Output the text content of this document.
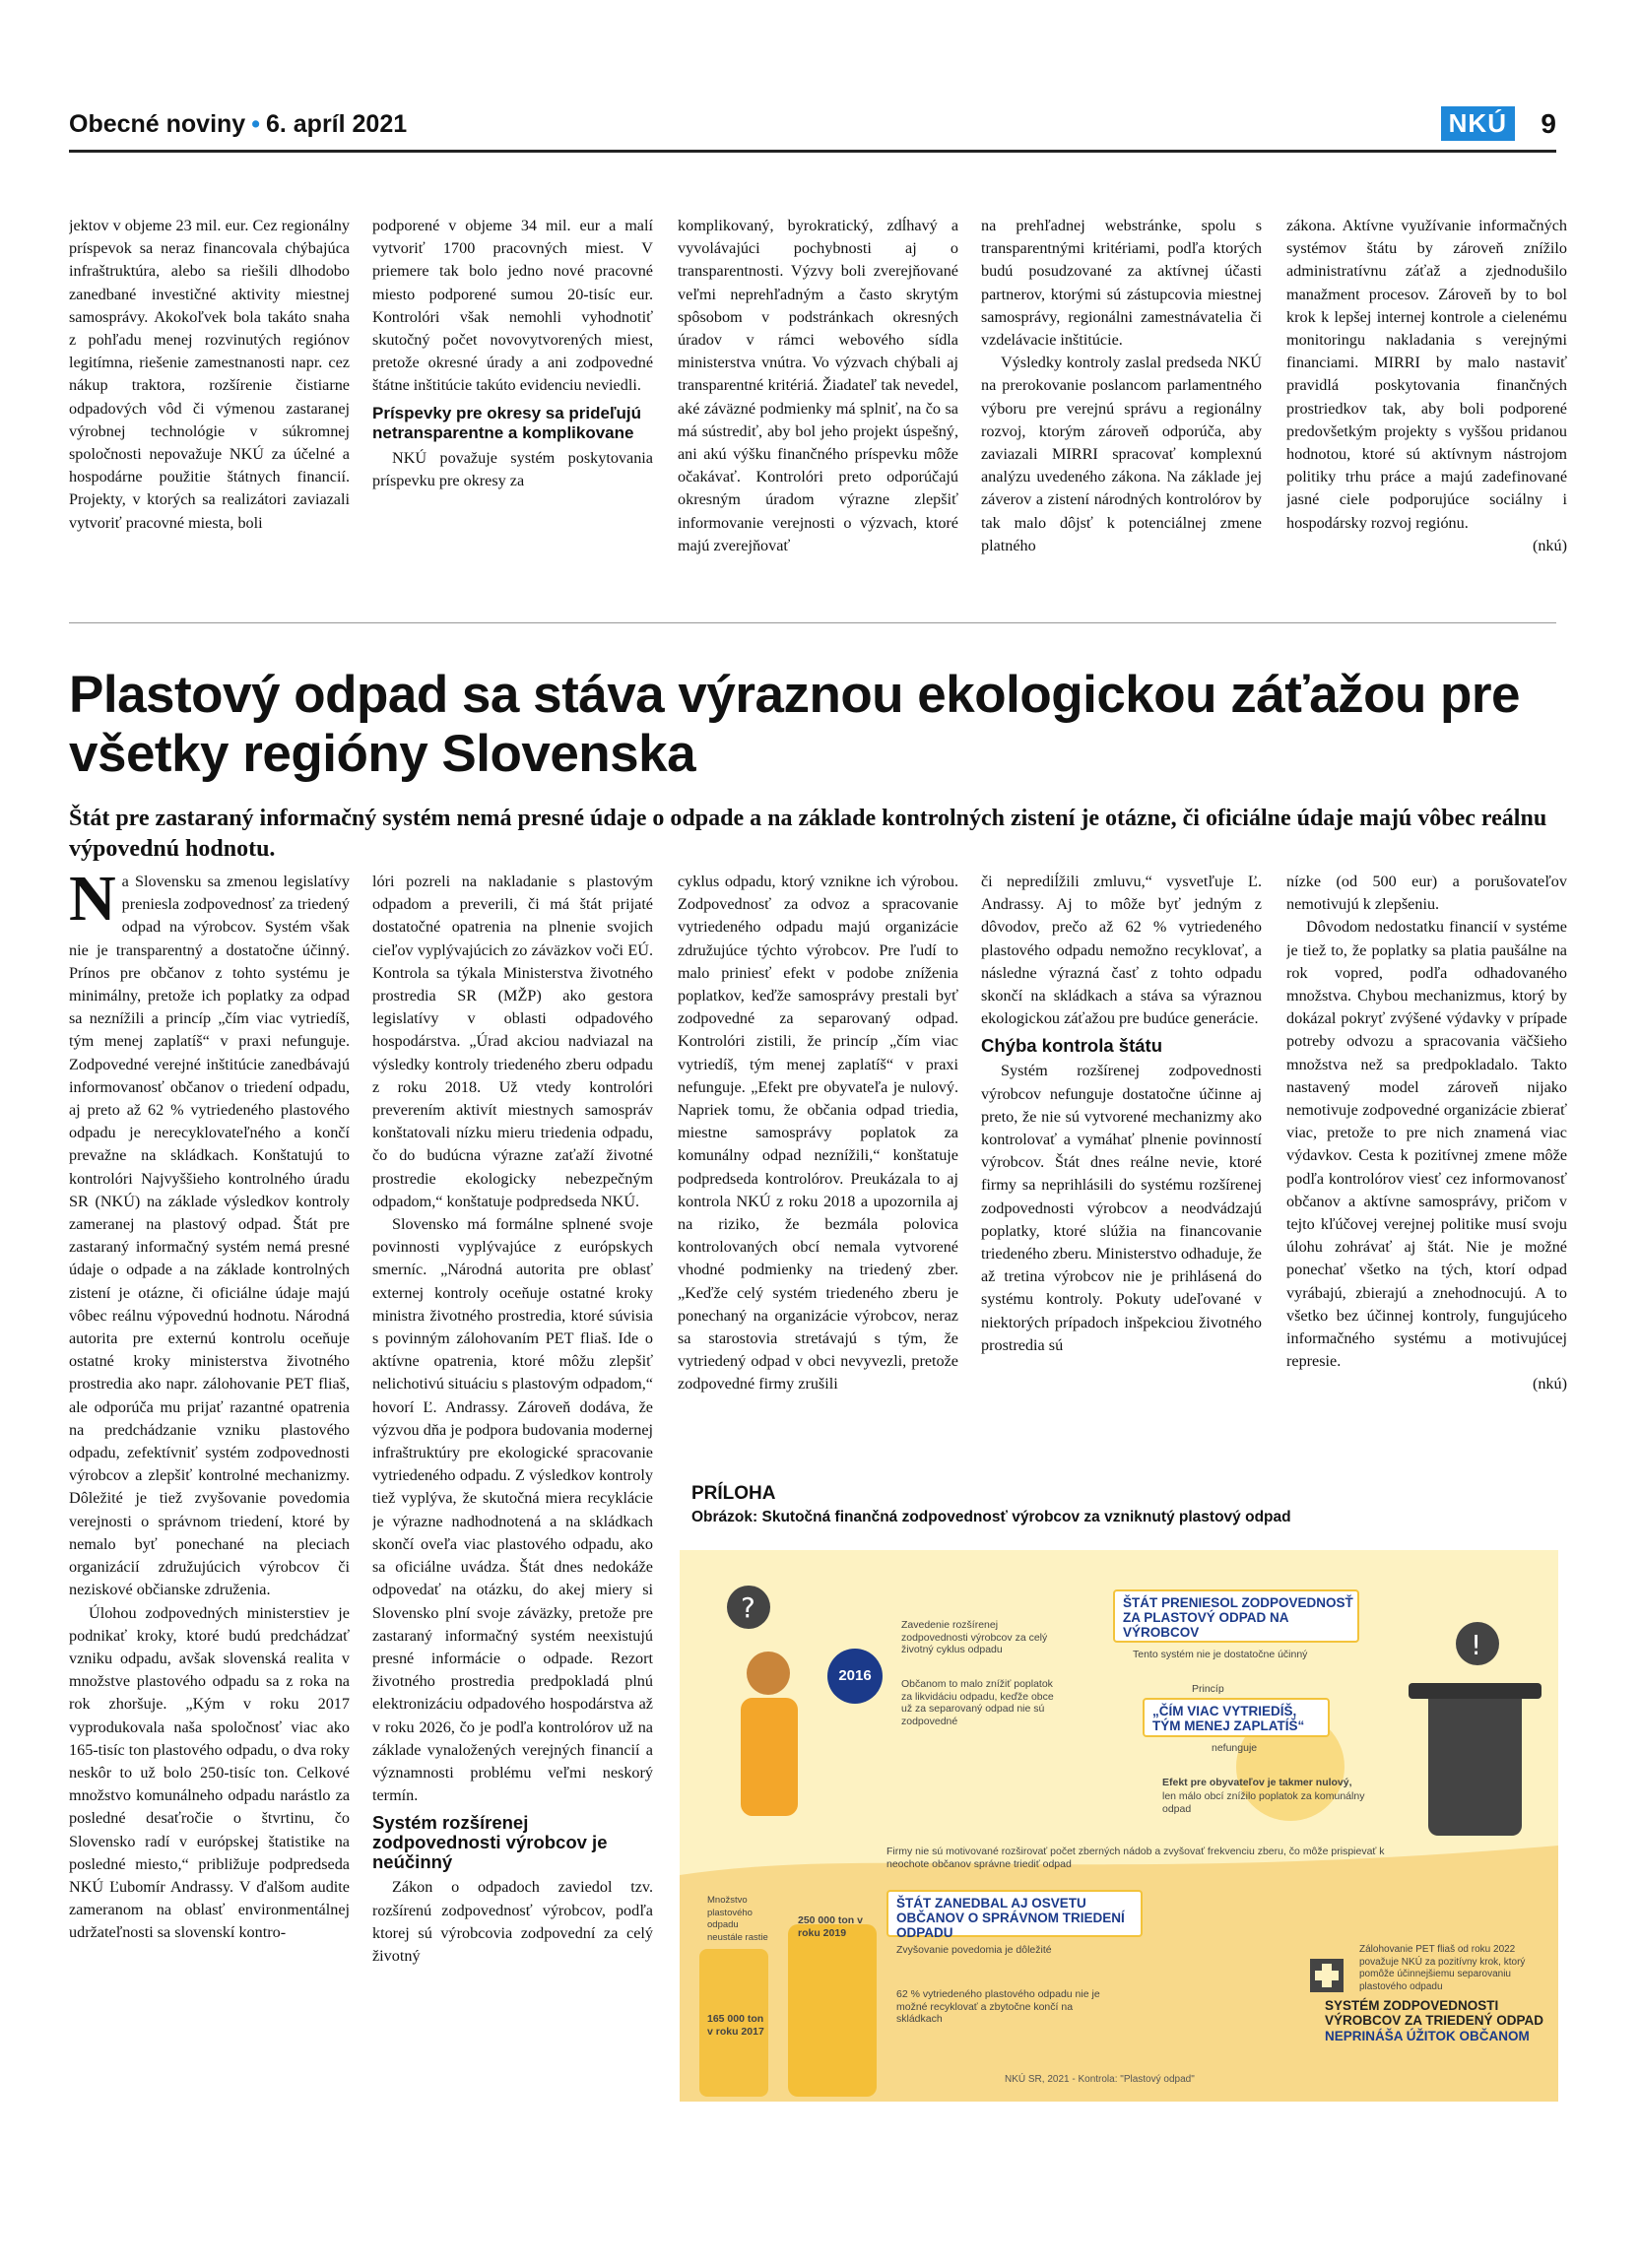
Obecné noviny • 6. apríl 2021	NKÚ 9

jektov v objeme 23 mil. eur. Cez regionálny príspevok sa neraz financovala chýbajúca infraštruktúra, alebo sa riešili dlhodobo zanedbané investičné aktivity miestnej samosprávy. Akokoľvek bola takáto snaha z pohľadu menej rozvinutých regiónov legitímna, riešenie zamestnanosti napr. cez nákup traktora, rozšírenie čistiarne odpadových vôd či výmenou zastaranej výrobnej technológie v súkromnej spoločnosti nepovažuje NKÚ za účelné a hospodárne použitie štátnych financií. Projekty, v ktorých sa realizátori zaviazali vytvoriť pracovné miesta, boli

podporené v objeme 34 mil. eur a malí vytvoriť 1700 pracovných miest. V priemere tak bolo jedno nové pracovné miesto podporené sumou 20-tisíc eur. Kontrolóri však nemohli vyhodnotiť skutočný počet novovytvorených miest, pretože okresné úrady a ani zodpovedné štátne inštitúcie takúto evidenciu neviedli.

Príspevky pre okresy sa prideľujú netransparentne a komplikovane

NKÚ považuje systém poskytovania príspevku pre okresy za

komplikovaný, byrokratický, zdĺhavý a vyvolávajúci pochybnosti aj o transparentnosti. Výzvy boli zverejňované veľmi neprehľadným a často skrytým spôsobom v podstránkach okresných úradov v rámci webového sídla ministerstva vnútra. Vo výzvach chýbali aj transparentné kritériá. Žiadateľ tak nevedel, aké záväzné podmienky má splniť, na čo sa má sústrediť, aby bol jeho projekt úspešný, ani akú výšku finančného príspevku môže očakávať. Kontrolóri preto odporúčajú okresným úradom výrazne zlepšiť informovanie verejnosti o výzvach, ktoré majú zverejňovať

na prehľadnej webstránke, spolu s transparentnými kritériami, podľa ktorých budú posudzované za aktívnej účasti partnerov, ktorými sú zástupcovia miestnej samosprávy, regionálni zamestnávatelia či vzdelávacie inštitúcie.

Výsledky kontroly zaslal predseda NKÚ na prerokovanie poslancom parlamentného výboru pre verejnú správu a regionálny rozvoj, ktorým zároveň odporúča, aby zaviazali MIRRI spracovať komplexnú analýzu uvedeného zákona. Na základe jej záverov a zistení národných kontrolórov by tak malo dôjsť k potenciálnej zmene platného

zákona. Aktívne využívanie informačných systémov štátu by zároveň znížilo administratívnu záťaž a zjednodušilo manažment procesov. Zároveň by to bol krok k lepšej internej kontrole a cielenému monitoringu nakladania s verejnými financiami. MIRRI by malo nastaviť pravidlá poskytovania finančných prostriedkov tak, aby boli podporené predovšetkým projekty s vyššou pridanou hodnotou, ktoré sú aktívnym nástrojom politiky trhu práce a majú zadefinované jasné ciele podporujúce sociálny i hospodársky rozvoj regiónu.

(nkú)

Plastový odpad sa stáva výraznou ekologickou záťažou pre všetky regióny Slovenska
Štát pre zastaraný informačný systém nemá presné údaje o odpade a na základe kontrolných zistení je otázne, či oficiálne údaje majú vôbec reálnu výpovednú hodnotu.

Na Slovensku sa zmenou legislatívy preniesla zodpovednosť za triedený odpad na výrobcov. Systém však nie je transparentný a dostatočne účinný. Prínos pre občanov z tohto systému je minimálny, pretože ich poplatky za odpad sa neznížili a princíp „čím viac vytriedíš, tým menej zaplatíš“ v praxi nefunguje. Zodpovedné verejné inštitúcie zanedbávajú informovanosť občanov o triedení odpadu, aj preto až 62 % vytriedeného plastového odpadu je nerecyklovateľného a končí prevažne na skládkach. Konštatujú to kontrolóri Najvyššieho kontrolného úradu SR (NKÚ) na základe výsledkov kontroly zameranej na plastový odpad. Štát pre zastaraný informačný systém nemá presné údaje o odpade a na základe kontrolných zistení je otázne, či oficiálne údaje majú vôbec reálnu výpovednú hodnotu. Národná autorita pre externú kontrolu oceňuje ostatné kroky ministerstva životného prostredia ako napr. zálohovanie PET fliaš, ale odporúča mu prijať razantné opatrenia na predchádzanie vzniku plastového odpadu, zefektívniť systém zodpovednosti výrobcov a zlepšiť kontrolné mechanizmy. Dôležité je tiež zvyšovanie povedomia verejnosti o správnom triedení, ktoré by nemalo byť ponechané na pleciach organizácií združujúcich výrobcov či neziskové občianske združenia.

Úlohou zodpovedných ministerstiev je podnikať kroky, ktoré budú predchádzať vzniku odpadu, avšak slovenská realita v množstve plastového odpadu sa z roka na rok zhoršuje. „Kým v roku 2017 vyprodukovala naša spoločnosť viac ako 165-tisíc ton plastového odpadu, o dva roky neskôr to už bolo 250-tisíc ton. Celkové množstvo komunálneho odpadu narástlo za posledné desaťročie o štvrtinu, čo Slovensko radí v európskej štatistike na posledné miesto,“ približuje podpredseda NKÚ Ľubomír Andrassy. V ďalšom audite zameranom na oblasť environmentálnej udržateľnosti sa slovenskí kontro-

lóri pozreli na nakladanie s plastovým odpadom a preverili, či má štát prijaté dostatočné opatrenia na plnenie svojich cieľov vyplývajúcich zo záväzkov voči EÚ. Kontrola sa týkala Ministerstva životného prostredia SR (MŽP) ako gestora legislatívy v oblasti odpadového hospodárstva. „Úrad akciou nadviazal na výsledky kontroly triedeného zberu odpadu z roku 2018. Už vtedy kontrolóri preverením aktivít miestnych samospráv konštatovali nízku mieru triedenia odpadu, čo do budúcna výrazne zaťaží životné prostredie ekologicky nebezpečným odpadom,“ konštatuje podpredseda NKÚ.

Slovensko má formálne splnené svoje povinnosti vyplývajúce z európskych smerníc. „Národná autorita pre oblasť externej kontroly oceňuje ostatné kroky ministra životného prostredia, ktoré súvisia s povinným zálohovaním PET fliaš. Ide o aktívne opatrenia, ktoré môžu zlepšiť nelichotivú situáciu s plastovým odpadom,“ hovorí Ľ. Andrassy. Zároveň dodáva, že výzvou dňa je podpora budovania modernej infraštruktúry pre ekologické spracovanie vytriedeného odpadu. Z výsledkov kontroly tiež vyplýva, že skutočná miera recyklácie je výrazne nadhodnotená a na skládkach skončí oveľa viac plastového odpadu, ako sa oficiálne uvádza. Štát dnes nedokáže odpovedať na otázku, do akej miery si Slovensko plní svoje záväzky, pretože pre zastaraný informačný systém neexistujú presné informácie o odpade. Rezort životného prostredia predpokladá plnú elektronizáciu odpadového hospodárstva až v roku 2026, čo je podľa kontrolórov už na základe vynaložených verejných financií a významnosti problému veľmi neskorý termín.

Systém rozšírenej zodpovednosti výrobcov je neúčinný

Zákon o odpadoch zaviedol tzv. rozšírenú zodpovednosť výrobcov, podľa ktorej sú výrobcovia zodpovední za celý životný

cyklus odpadu, ktorý vznikne ich výrobou. Zodpovednosť za odvoz a spracovanie vytriedeného odpadu majú organizácie združujúce týchto výrobcov. Pre ľudí to malo priniesť efekt v podobe zníženia poplatkov, keďže samosprávy prestali byť zodpovedné za separovaný odpad. Kontrolóri zistili, že princíp „čím viac vytriedíš, tým menej zaplatíš“ v praxi nefunguje. „Efekt pre obyvateľa je nulový. Napriek tomu, že občania odpad triedia, miestne samosprávy poplatok za komunálny odpad neznížili,“ konštatuje podpredseda kontrolórov. Preukázala to aj kontrola NKÚ z roku 2018 a upozornila aj na riziko, že bezmála polovica kontrolovaných obcí nemala vytvorené vhodné podmienky na triedený zber. „Keďže celý systém triedeného zberu je ponechaný na organizácie výrobcov, neraz sa starostovia stretávajú s tým, že vytriedený odpad v obci nevyvezli, pretože zodpovedné firmy zrušili

či neprediĺžili zmluvu,“ vysvetľuje Ľ. Andrassy. Aj to môže byť jedným z dôvodov, prečo až 62 % vytriedeného plastového odpadu nemožno recyklovať, a následne výrazná časť z tohto odpadu skončí na skládkach a stáva sa výraznou ekologickou záťažou pre budúce generácie.

Chýba kontrola štátu

Systém rozšírenej zodpovednosti výrobcov nefunguje dostatočne účinne aj preto, že nie sú vytvorené mechanizmy ako kontrolovať a vymáhať plnenie povinností výrobcov. Štát dnes reálne nevie, ktoré firmy sa neprihlásili do systému rozšírenej zodpovednosti výrobcov a neodvádzajú poplatky, ktoré slúžia na financovanie triedeného zberu. Ministerstvo odhaduje, že až tretina výrobcov nie je prihlásená do systému kontroly. Pokuty udeľované v niektorých prípadoch inšpekciou životného prostredia sú

nízke (od 500 eur) a porušovateľov nemotivujú k zlepšeniu.

Dôvodom nedostatku financií v systéme je tiež to, že poplatky sa platia paušálne na rok vopred, podľa odhadovaného množstva. Chybou mechanizmus, ktorý by dokázal pokryť zvýšené výdavky v prípade potreby odvozu a spracovania väčšieho množstva než sa predpokladalo. Takto nastavený model zároveň nijako nemotivuje zodpovedné organizácie zbierať viac, pretože to pre nich znamená viac výdavkov. Cesta k pozitívnej zmene môže podľa kontrolórov viesť cez informovanosť občanov a aktívne samosprávy, pričom v tejto kľúčovej verejnej politike musí svoju úlohu zohrávať aj štát. Nie je možné ponechať všetko na tých, ktorí odpad vyrábajú, zbierajú a znehodnocujú. A to všetko bez účinnej kontroly, fungujúceho informačného systému a motivujúcej represie.

(nkú)

PRÍLOHA
Obrázok: Skutočná finančná zodpovednosť výrobcov za vzniknutý plastový odpad
?
!
2016
Zavedenie rozšírenej zodpovednosti výrobcov za celý životný cyklus odpadu
Občanom to malo znížiť poplatok za likvidáciu odpadu, keďže obce už za separovaný odpad nie sú zodpovedné
ŠTÁT PRENIESOL ZODPOVEDNOSŤ ZA PLASTOVÝ ODPAD NA VÝROBCOV
Tento systém nie je dostatočne účinný
Princíp
„ČÍM VIAC VYTRIEDÍŠ, TÝM MENEJ ZAPLATÍŠ“
nefunguje
Efekt pre obyvateľov je takmer nulový,
len málo obcí znížilo poplatok za komunálny odpad
Firmy nie sú motivované rozširovať počet zberných nádob a zvyšovať frekvenciu zberu, čo môže prispievať k neochote občanov správne triediť odpad
Množstvo plastového odpadu neustále rastie
250 000 ton v roku 2019
165 000 ton v roku 2017
ŠTÁT ZANEDBAL AJ OSVETU OBČANOV O SPRÁVNOM TRIEDENÍ ODPADU
Zvyšovanie povedomia je dôležité
62 % vytriedeného plastového odpadu nie je možné recyklovať a zbytočne končí na skládkach
Zálohovanie PET fliaš od roku 2022 považuje NKÚ za pozitívny krok, ktorý pomôže účinnejšiemu separovaniu plastového odpadu
SYSTÉM ZODPOVEDNOSTI VÝROBCOV ZA TRIEDENÝ ODPAD
NEPRINÁŠA ÚŽITOK OBČANOM
NKÚ SR, 2021 - Kontrola: "Plastový odpad"
